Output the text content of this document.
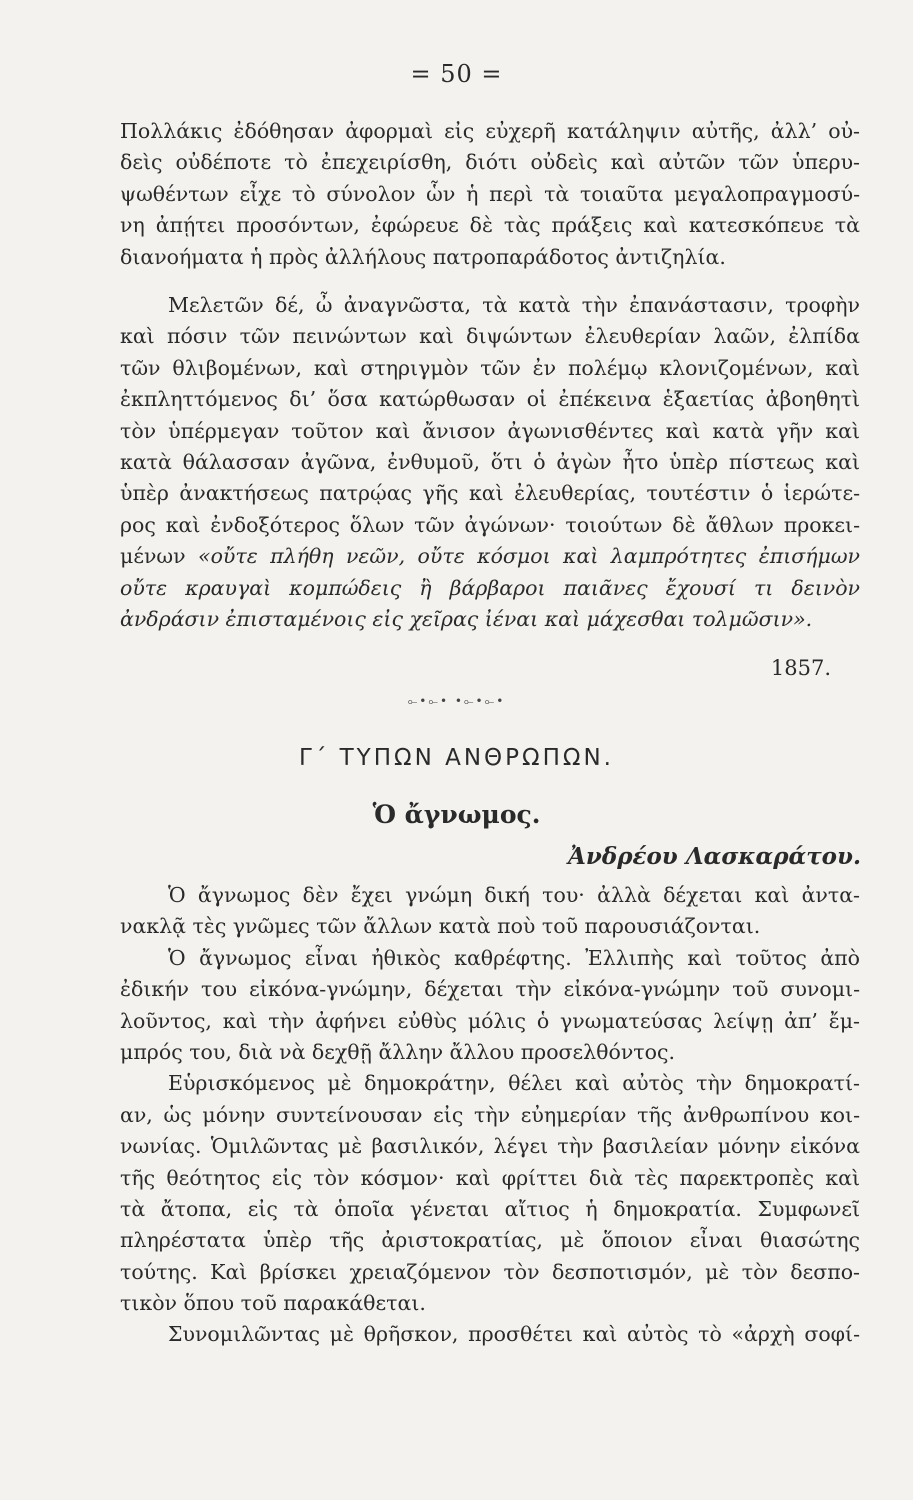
= 50 =
Πολλάκις ἐδόθησαν ἀφορμαὶ εἰς εὐχερῆ κατάληψιν αὐτῆς, ἀλλ’ οὐ-
δεὶς οὐδέποτε τὸ ἐπεχειρίσθη, διότι οὐδεὶς καὶ αὐτῶν τῶν ὑπερυ-
ψωθέντων εἶχε τὸ σύνολον ὧν ἡ περὶ τὰ τοιαῦτα μεγαλοπραγμοσύ-
νη ἀπῄτει προσόντων, ἐφώρευε δὲ τὰς πράξεις καὶ κατεσκόπευε τὰ
διανοήματα ἡ πρὸς ἀλλήλους πατροπαράδοτος ἀντιζηλία.
Μελετῶν δέ, ὦ ἀναγνῶστα, τὰ κατὰ τὴν ἐπανάστασιν, τροφὴν
καὶ πόσιν τῶν πεινώντων καὶ διψώντων ἐλευθερίαν λαῶν, ἐλπίδα
τῶν θλιβομένων, καὶ στηριγμὸν τῶν ἐν πολέμῳ κλονιζομένων, καὶ
ἐκπληττόμενος δι’ ὅσα κατώρθωσαν οἱ ἐπέκεινα ἑξαετίας ἀβοηθητὶ
τὸν ὑπέρμεγαν τοῦτον καὶ ἄνισον ἀγωνισθέντες καὶ κατὰ γῆν καὶ
κατὰ θάλασσαν ἀγῶνα, ἐνθυμοῦ, ὅτι ὁ ἀγὼν ἦτο ὑπὲρ πίστεως καὶ
ὑπὲρ ἀνακτήσεως πατρῴας γῆς καὶ ἐλευθερίας, τουτέστιν ὁ ἱερώτε-
ρος καὶ ἐνδοξότερος ὅλων τῶν ἀγώνων· τοιούτων δὲ ἄθλων προκει-
μένων «οὔτε πλήθη νεῶν, οὔτε κόσμοι καὶ λαμπρότητες ἐπισήμων
οὔτε κραυγαὶ κομπώδεις ἢ βάρβαροι παιᾶνες ἔχουσί τι δεινὸν
ἀνδράσιν ἐπισταμένοις εἰς χεῖρας ἰέναι καὶ μάχεσθαι τολμῶσιν».
1857.
⟜•⟜• •⟜•⟜•
Γ΄ ΤΥΠΩΝ ΑΝΘΡΩΠΩΝ.
Ὁ ἄγνωμος.
Ἀνδρέου Λασκαράτου.
Ὁ ἄγνωμος δὲν ἔχει γνώμη δική του· ἀλλὰ δέχεται καὶ ἀντα-
νακλᾷ τὲς γνῶμες τῶν ἄλλων κατὰ ποὺ τοῦ παρουσιάζονται.
Ὁ ἄγνωμος εἶναι ἠθικὸς καθρέφτης. Ἐλλιπὴς καὶ τοῦτος ἀπὸ
ἐδικήν του εἰκόνα-γνώμην, δέχεται τὴν εἰκόνα-γνώμην τοῦ συνομι-
λοῦντος, καὶ τὴν ἀφήνει εὐθὺς μόλις ὁ γνωματεύσας λείψῃ ἀπ’ ἔμ-
μπρός του, διὰ νὰ δεχθῇ ἄλλην ἄλλου προσελθόντος.
Εὑρισκόμενος μὲ δημοκράτην, θέλει καὶ αὐτὸς τὴν δημοκρατί-
αν, ὡς μόνην συντείνουσαν εἰς τὴν εὐημερίαν τῆς ἀνθρωπίνου κοι-
νωνίας. Ὁμιλῶντας μὲ βασιλικόν, λέγει τὴν βασιλείαν μόνην εἰκόνα
τῆς θεότητος εἰς τὸν κόσμον· καὶ φρίττει διὰ τὲς παρεκτροπὲς καὶ
τὰ ἄτοπα, εἰς τὰ ὁποῖα γένεται αἴτιος ἡ δημοκρατία. Συμφωνεῖ
πληρέστατα ὑπὲρ τῆς ἀριστοκρατίας, μὲ ὅποιον εἶναι θιασώτης
τούτης. Καὶ βρίσκει χρειαζόμενον τὸν δεσποτισμόν, μὲ τὸν δεσπο-
τικὸν ὅπου τοῦ παρακάθεται.
Συνομιλῶντας μὲ θρῆσκον, προσθέτει καὶ αὐτὸς τὸ «ἀρχὴ σοφί-
